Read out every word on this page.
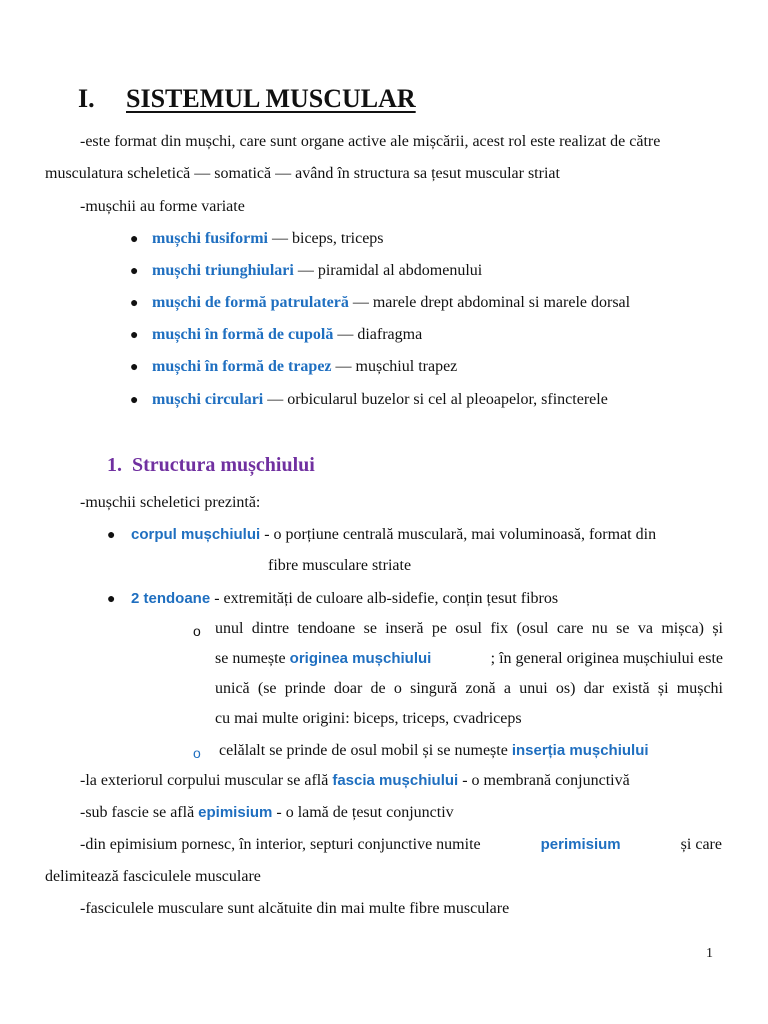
I. SISTEMUL MUSCULAR
-este format din mușchi, care sunt organe active ale mișcării, acest rol este realizat de către
musculatura scheletică — somatică — având în structura sa țesut muscular striat
-mușchii au forme variate
● mușchi fusiformi — biceps, triceps
● mușchi triunghiulari — piramidal al abdomenului
● mușchi de formă patrulateră — marele drept abdominal si marele dorsal
● mușchi în formă de cupolă — diafragma
● mușchi în formă de trapez — mușchiul trapez
● mușchi circulari — orbicularul buzelor si cel al pleoapelor, sfincterele
1. Structura mușchiului
-mușchii scheletici prezintă:
● corpul mușchiului - o porțiune centrală musculară, mai voluminoasă, format din
fibre musculare striate
● 2 tendoane - extremități de culoare alb-sidefie, conțin țesut fibros
o unul dintre tendoane se inseră pe osul fix (osul care nu se va mișca) și
se numește originea mușchiului	; în general originea mușchiului este
unică (se prinde doar de o singură zonă a unui os) dar există și mușchi
cu mai multe origini: biceps, triceps, cvadriceps
o celălalt se prinde de osul mobil și se numește inserția mușchiului
-la exteriorul corpului muscular se află fascia mușchiului - o membrană conjunctivă
-sub fascie se află epimisium - o lamă de țesut conjunctiv
-din epimisium pornesc, în interior, septuri conjunctive numite	perimisium	și care
delimitează fasciculele musculare
-fasciculele musculare sunt alcătuite din mai multe fibre musculare
1
